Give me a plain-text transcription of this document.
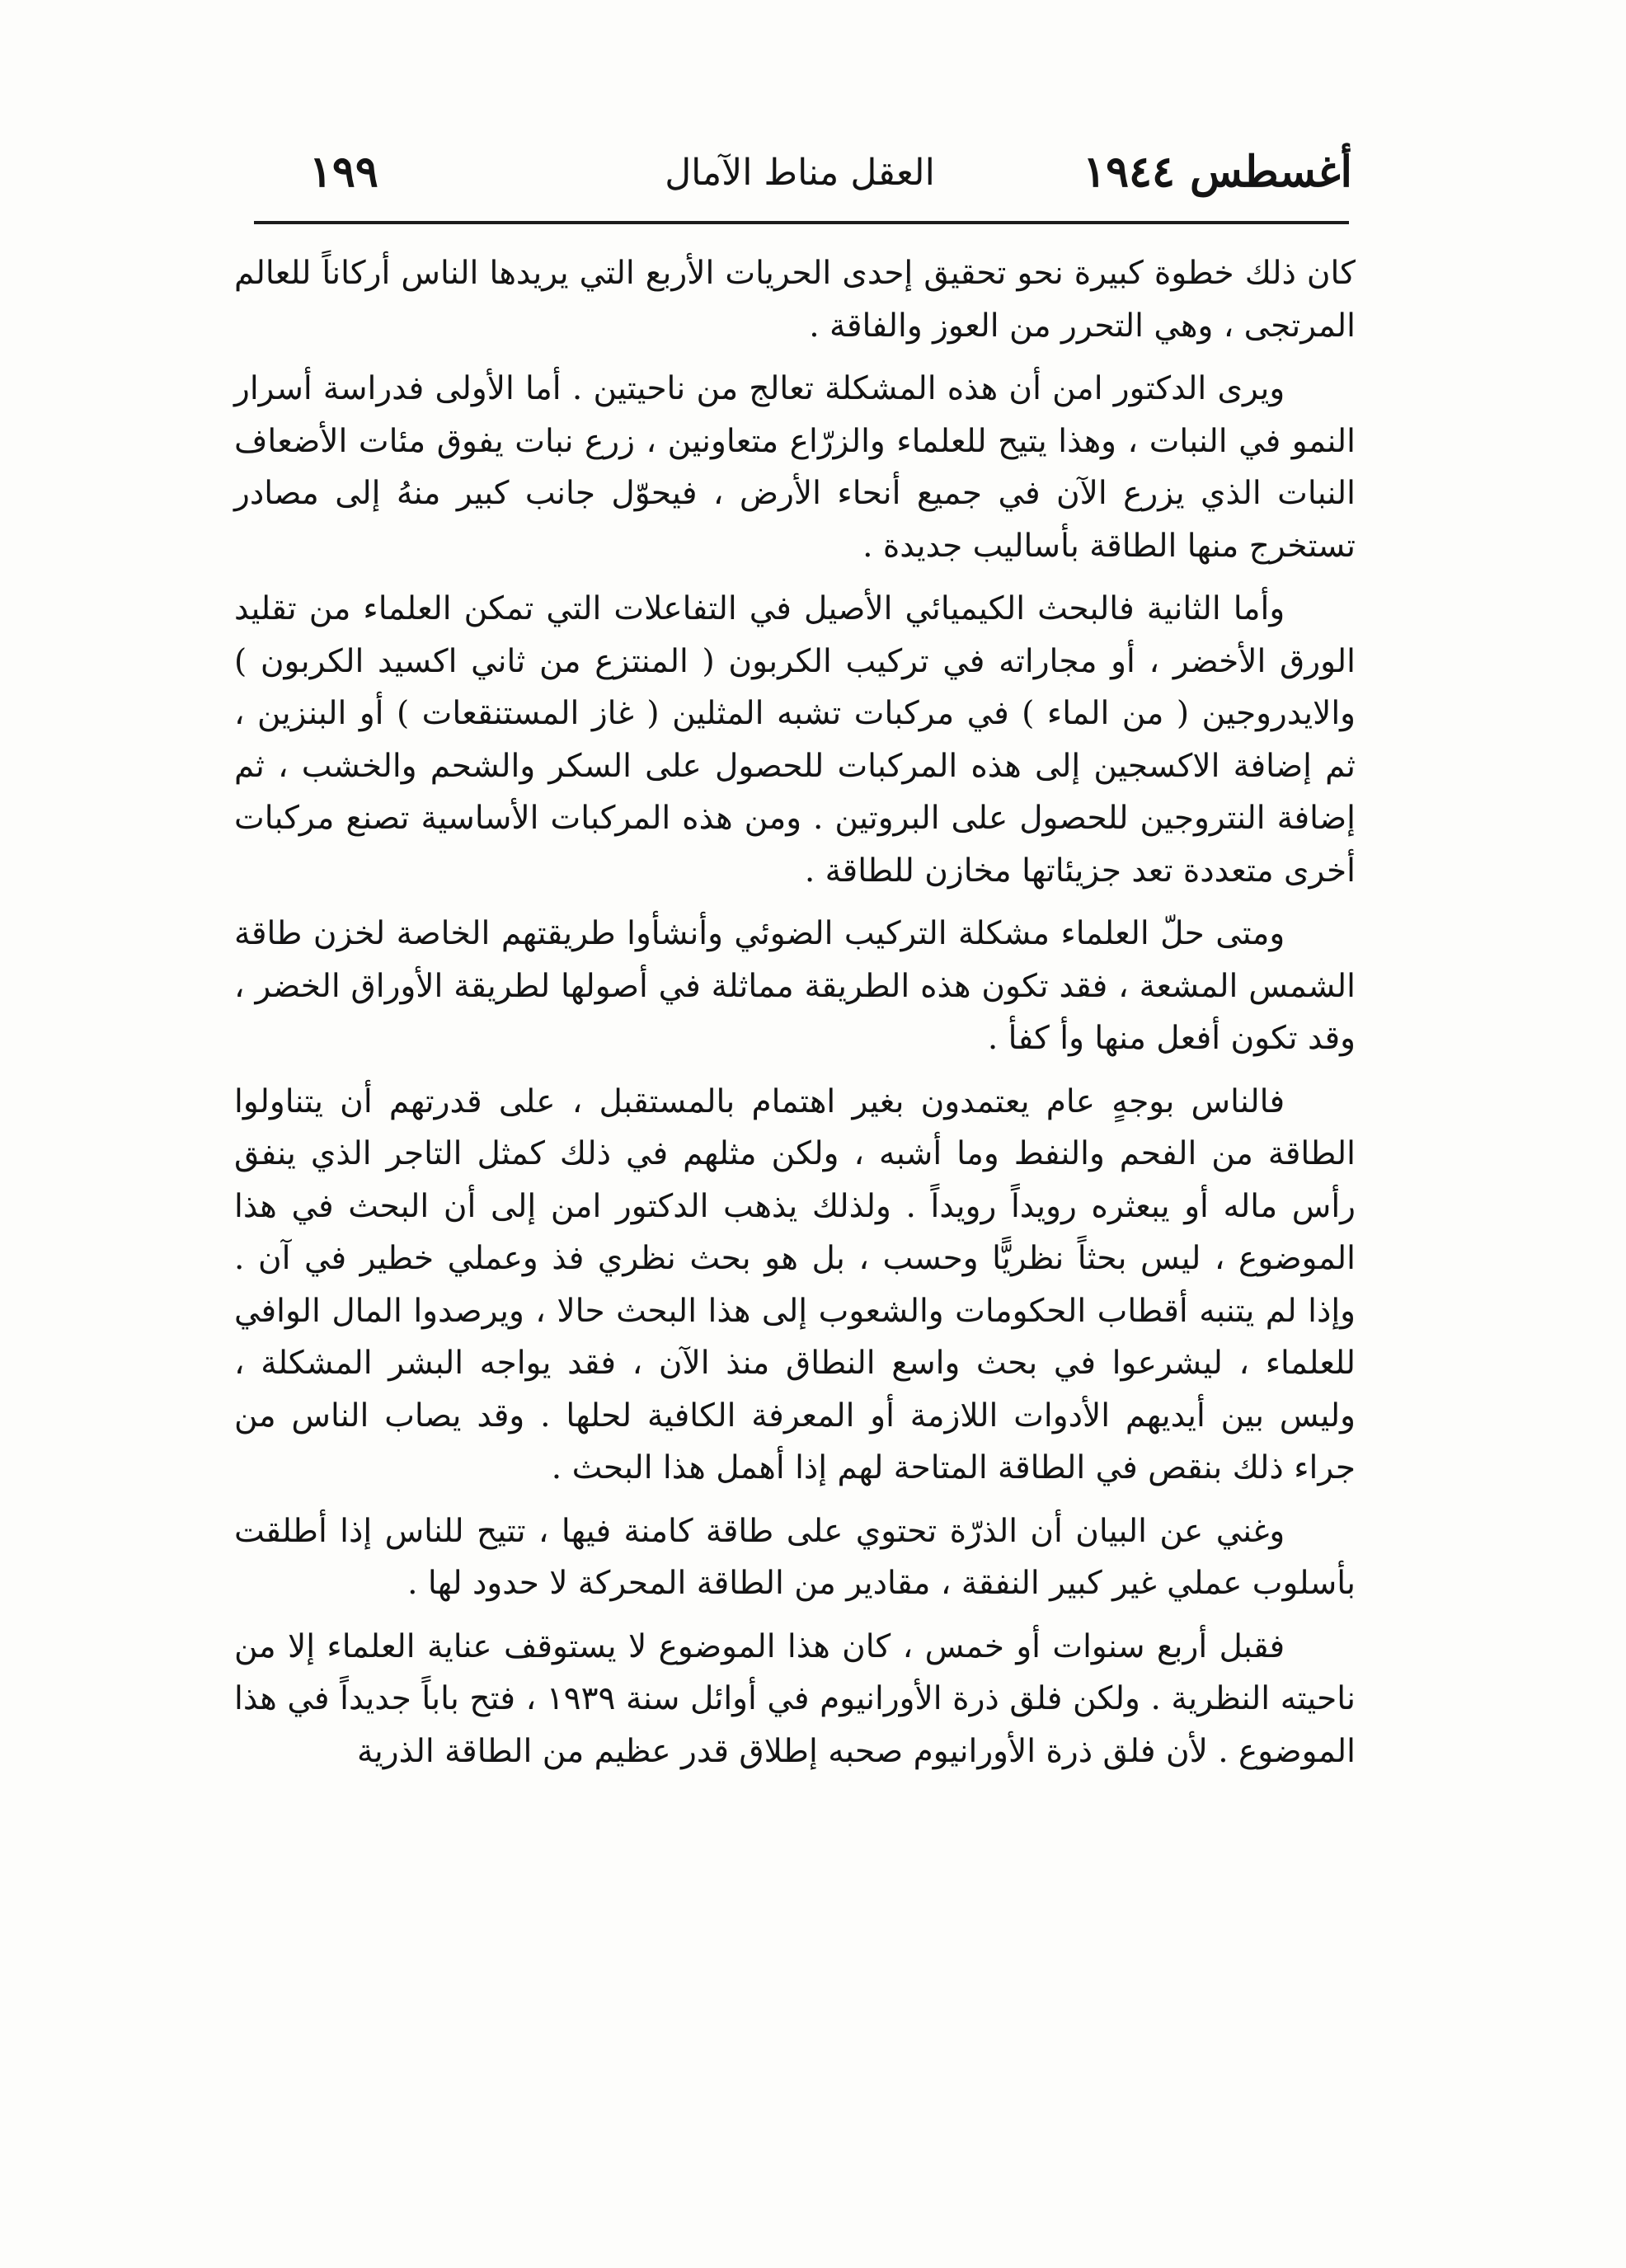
أغسطس ١٩٤٤
العقل مناط الآمال
١٩٩

كان ذلك خطوة كبيرة نحو تحقيق إحدى الحريات الأربع التي يريدها الناس أركاناً للعالم المرتجى ، وهي التحرر من العوز والفاقة .

ويرى الدكتور امن أن هذه المشكلة تعالج من ناحيتين . أما الأولى فدراسة أسرار النمو في النبات ، وهذا يتيح للعلماء والزرّاع متعاونين ، زرع نبات يفوق مئات الأضعاف النبات الذي يزرع الآن في جميع أنحاء الأرض ، فيحوّل جانب كبير منهُ إلى مصادر تستخرج منها الطاقة بأساليب جديدة .

وأما الثانية فالبحث الكيميائي الأصيل في التفاعلات التي تمكن العلماء من تقليد الورق الأخضر ، أو مجاراته في تركيب الكربون ( المنتزع من ثاني اكسيد الكربون ) والايدروجين ( من الماء ) في مركبات تشبه المثلين ( غاز المستنقعات ) أو البنزين ، ثم إضافة الاكسجين إلى هذه المركبات للحصول على السكر والشحم والخشب ، ثم إضافة النتروجين للحصول على البروتين . ومن هذه المركبات الأساسية تصنع مركبات أخرى متعددة تعد جزيئاتها مخازن للطاقة .

ومتى حلّ العلماء مشكلة التركيب الضوئي وأنشأوا طريقتهم الخاصة لخزن طاقة الشمس المشعة ، فقد تكون هذه الطريقة مماثلة في أصولها لطريقة الأوراق الخضر ، وقد تكون أفعل منها وأ كفأ .

فالناس بوجهٍ عام يعتمدون بغير اهتمام بالمستقبل ، على قدرتهم أن يتناولوا الطاقة من الفحم والنفط وما أشبه ، ولكن مثلهم في ذلك كمثل التاجر الذي ينفق رأس ماله أو يبعثره رويداً رويداً . ولذلك يذهب الدكتور امن إلى أن البحث في هذا الموضوع ، ليس بحثاً نظريًّا وحسب ، بل هو بحث نظري فذ وعملي خطير في آن . وإذا لم يتنبه أقطاب الحكومات والشعوب إلى هذا البحث حالا ، ويرصدوا المال الوافي للعلماء ، ليشرعوا في بحث واسع النطاق منذ الآن ، فقد يواجه البشر المشكلة ، وليس بين أيديهم الأدوات اللازمة أو المعرفة الكافية لحلها . وقد يصاب الناس من جراء ذلك بنقص في الطاقة المتاحة لهم إذا أهمل هذا البحث .

وغني عن البيان أن الذرّة تحتوي على طاقة كامنة فيها ، تتيح للناس إذا أطلقت بأسلوب عملي غير كبير النفقة ، مقادير من الطاقة المحركة لا حدود لها .

فقبل أربع سنوات أو خمس ، كان هذا الموضوع لا يستوقف عناية العلماء إلا من ناحيته النظرية . ولكن فلق ذرة الأورانيوم في أوائل سنة ١٩٣٩ ، فتح باباً جديداً في هذا الموضوع . لأن فلق ذرة الأورانيوم صحبه إطلاق قدر عظيم من الطاقة الذرية
